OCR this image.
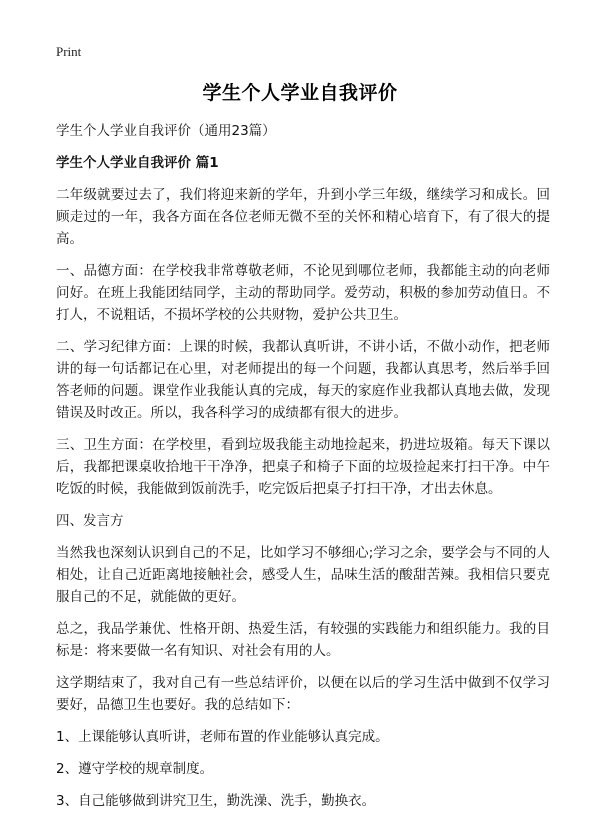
Print
学生个人学业自我评价
学生个人学业自我评价（通用23篇）
学生个人学业自我评价 篇1

二年级就要过去了，我们将迎来新的学年，升到小学三年级，继续学习和成长。回顾走过的一年，我各方面在各位老师无微不至的关怀和精心培育下，有了很大的提高。

一、品德方面：在学校我非常尊敬老师，不论见到哪位老师，我都能主动的向老师问好。在班上我能团结同学，主动的帮助同学。爱劳动，积极的参加劳动值日。不打人，不说粗话，不损坏学校的公共财物，爱护公共卫生。

二、学习纪律方面：上课的时候，我都认真听讲，不讲小话，不做小动作，把老师讲的每一句话都记在心里，对老师提出的每一个问题，我都认真思考，然后举手回答老师的问题。课堂作业我能认真的完成，每天的家庭作业我都认真地去做，发现错误及时改正。所以，我各科学习的成绩都有很大的进步。

三、卫生方面：在学校里，看到垃圾我能主动地捡起来，扔进垃圾箱。每天下课以后，我都把课桌收拾地干干净净，把桌子和椅子下面的垃圾捡起来打扫干净。中午吃饭的时候，我能做到饭前洗手，吃完饭后把桌子打扫干净，才出去休息。

四、发言方

当然我也深刻认识到自己的不足，比如学习不够细心;学习之余，要学会与不同的人相处，让自己近距离地接触社会，感受人生，品味生活的酸甜苦辣。我相信只要克服自己的不足，就能做的更好。

总之，我品学兼优、性格开朗、热爱生活，有较强的实践能力和组织能力。我的目标是：将来要做一名有知识、对社会有用的人。

这学期结束了，我对自己有一些总结评价，以便在以后的学习生活中做到不仅学习要好，品德卫生也要好。我的总结如下：

1、上课能够认真听讲，老师布置的作业能够认真完成。

2、遵守学校的规章制度。

3、自己能够做到讲究卫生，勤洗澡、洗手，勤换衣。
